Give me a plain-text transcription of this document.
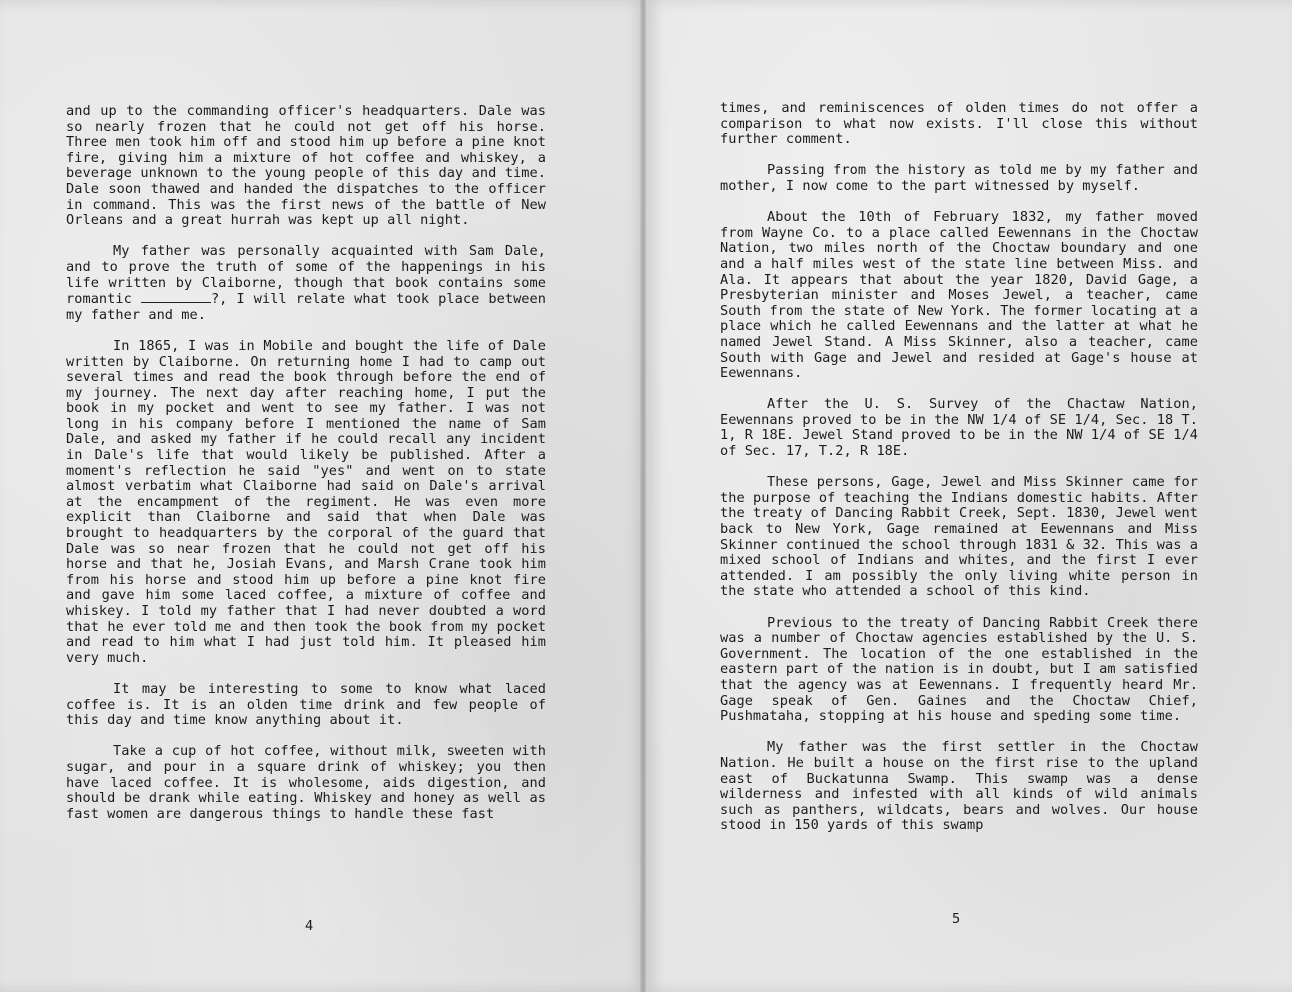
and up to the commanding officer's headquarters. Dale was so nearly frozen that he could not get off his horse. Three men took him off and stood him up before a pine knot fire, giving him a mixture of hot coffee and whiskey, a beverage unknown to the young people of this day and time. Dale soon thawed and handed the dispatches to the officer in command. This was the first news of the battle of New Orleans and a great hurrah was kept up all night.

My father was personally acquainted with Sam Dale, and to prove the truth of some of the happenings in his life written by Claiborne, though that book contains some romantic	?, I will relate what took place between my father and me.

In 1865, I was in Mobile and bought the life of Dale written by Claiborne. On returning home I had to camp out several times and read the book through before the end of my journey. The next day after reaching home, I put the book in my pocket and went to see my father. I was not long in his company before I mentioned the name of Sam Dale, and asked my father if he could recall any incident in Dale's life that would likely be published. After a moment's reflection he said "yes" and went on to state almost verbatim what Claiborne had said on Dale's arrival at the encampment of the regiment. He was even more explicit than Claiborne and said that when Dale was brought to headquarters by the corporal of the guard that Dale was so near frozen that he could not get off his horse and that he, Josiah Evans, and Marsh Crane took him from his horse and stood him up before a pine knot fire and gave him some laced coffee, a mixture of coffee and whiskey. I told my father that I had never doubted a word that he ever told me and then took the book from my pocket and read to him what I had just told him. It pleased him very much.

It may be interesting to some to know what laced coffee is. It is an olden time drink and few people of this day and time know anything about it.

Take a cup of hot coffee, without milk, sweeten with sugar, and pour in a square drink of whiskey; you then have laced coffee. It is wholesome, aids digestion, and should be drank while eating. Whiskey and honey as well as fast women are dangerous things to handle these fast

4	5

times, and reminiscences of olden times do not offer a comparison to what now exists. I'll close this without further comment.

Passing from the history as told me by my father and mother, I now come to the part witnessed by myself.

About the 10th of February 1832, my father moved from Wayne Co. to a place called Eewennans in the Choctaw Nation, two miles north of the Choctaw boundary and one and a half miles west of the state line between Miss. and Ala. It appears that about the year 1820, David Gage, a Presbyterian minister and Moses Jewel, a teacher, came South from the state of New York. The former locating at a place which he called Eewennans and the latter at what he named Jewel Stand. A Miss Skinner, also a teacher, came South with Gage and Jewel and resided at Gage's house at Eewennans.

After the U. S. Survey of the Chactaw Nation, Eewennans proved to be in the NW 1/4 of SE 1/4, Sec. 18 T. 1, R 18E. Jewel Stand proved to be in the NW 1/4 of SE 1/4 of Sec. 17, T.2, R 18E.

These persons, Gage, Jewel and Miss Skinner came for the purpose of teaching the Indians domestic habits. After the treaty of Dancing Rabbit Creek, Sept. 1830, Jewel went back to New York, Gage remained at Eewennans and Miss Skinner continued the school through 1831 & 32. This was a mixed school of Indians and whites, and the first I ever attended. I am possibly the only living white person in the state who attended a school of this kind.

Previous to the treaty of Dancing Rabbit Creek there was a number of Choctaw agencies established by the U. S. Government. The location of the one established in the eastern part of the nation is in doubt, but I am satisfied that the agency was at Eewennans. I frequently heard Mr. Gage speak of Gen. Gaines and the Choctaw Chief, Pushmataha, stopping at his house and speding some time.

My father was the first settler in the Choctaw Nation. He built a house on the first rise to the upland east of Buckatunna Swamp. This swamp was a dense wilderness and infested with all kinds of wild animals such as panthers, wildcats, bears and wolves. Our house stood in 150 yards of this swamp
